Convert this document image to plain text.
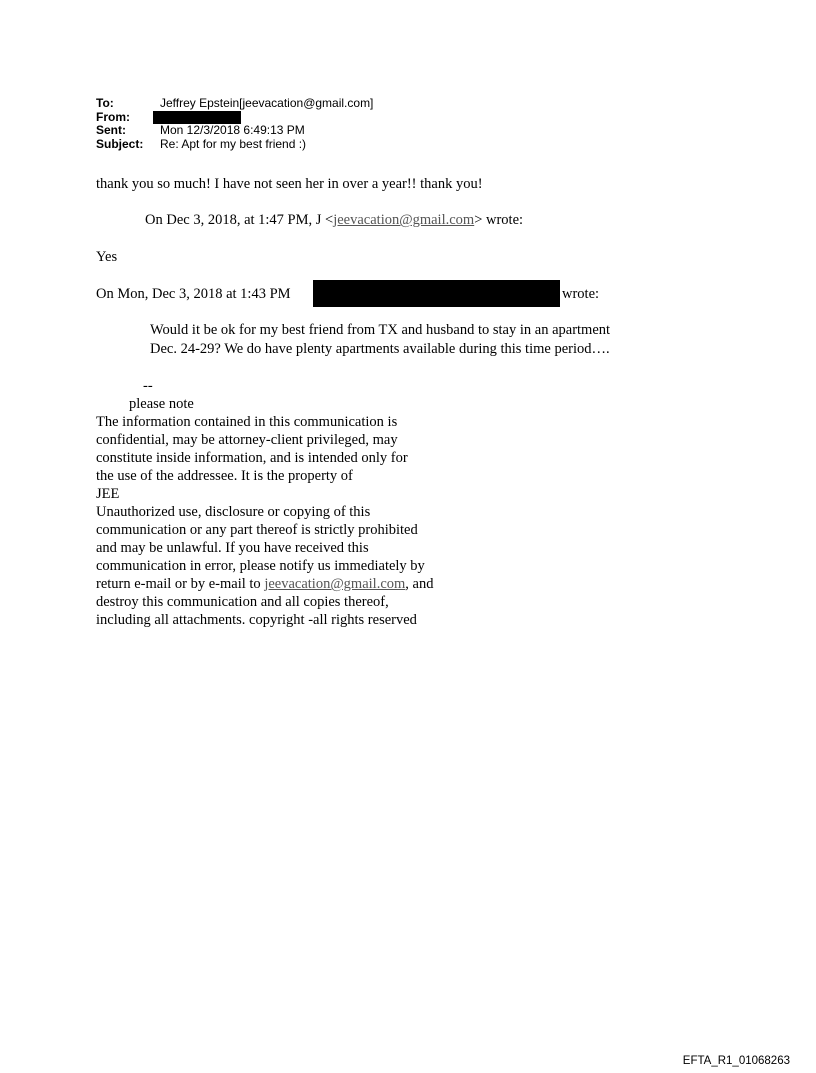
To:	Jeffrey Epstein[jeevacation@gmail.com]
From:
Sent:	Mon 12/3/2018 6:49:13 PM
Subject:	Re: Apt for my best friend :)
thank you so much! I have not seen her in over a year!! thank you!
On Dec 3, 2018, at 1:47 PM, J <jeevacation@gmail.com> wrote:
Yes
On Mon, Dec 3, 2018 at 1:43 PM	wrote:
Would it be ok for my best friend from TX and husband to stay in an apartment
Dec. 24-29? We do have plenty apartments available during this time period….
--
please note
The information contained in this communication is
confidential, may be attorney-client privileged, may
constitute inside information, and is intended only for
the use of the addressee. It is the property of
JEE
Unauthorized use, disclosure or copying of this
communication or any part thereof is strictly prohibited
and may be unlawful. If you have received this
communication in error, please notify us immediately by
return e-mail or by e-mail to jeevacation@gmail.com, and
destroy this communication and all copies thereof,
including all attachments. copyright -all rights reserved
EFTA_R1_01068263
